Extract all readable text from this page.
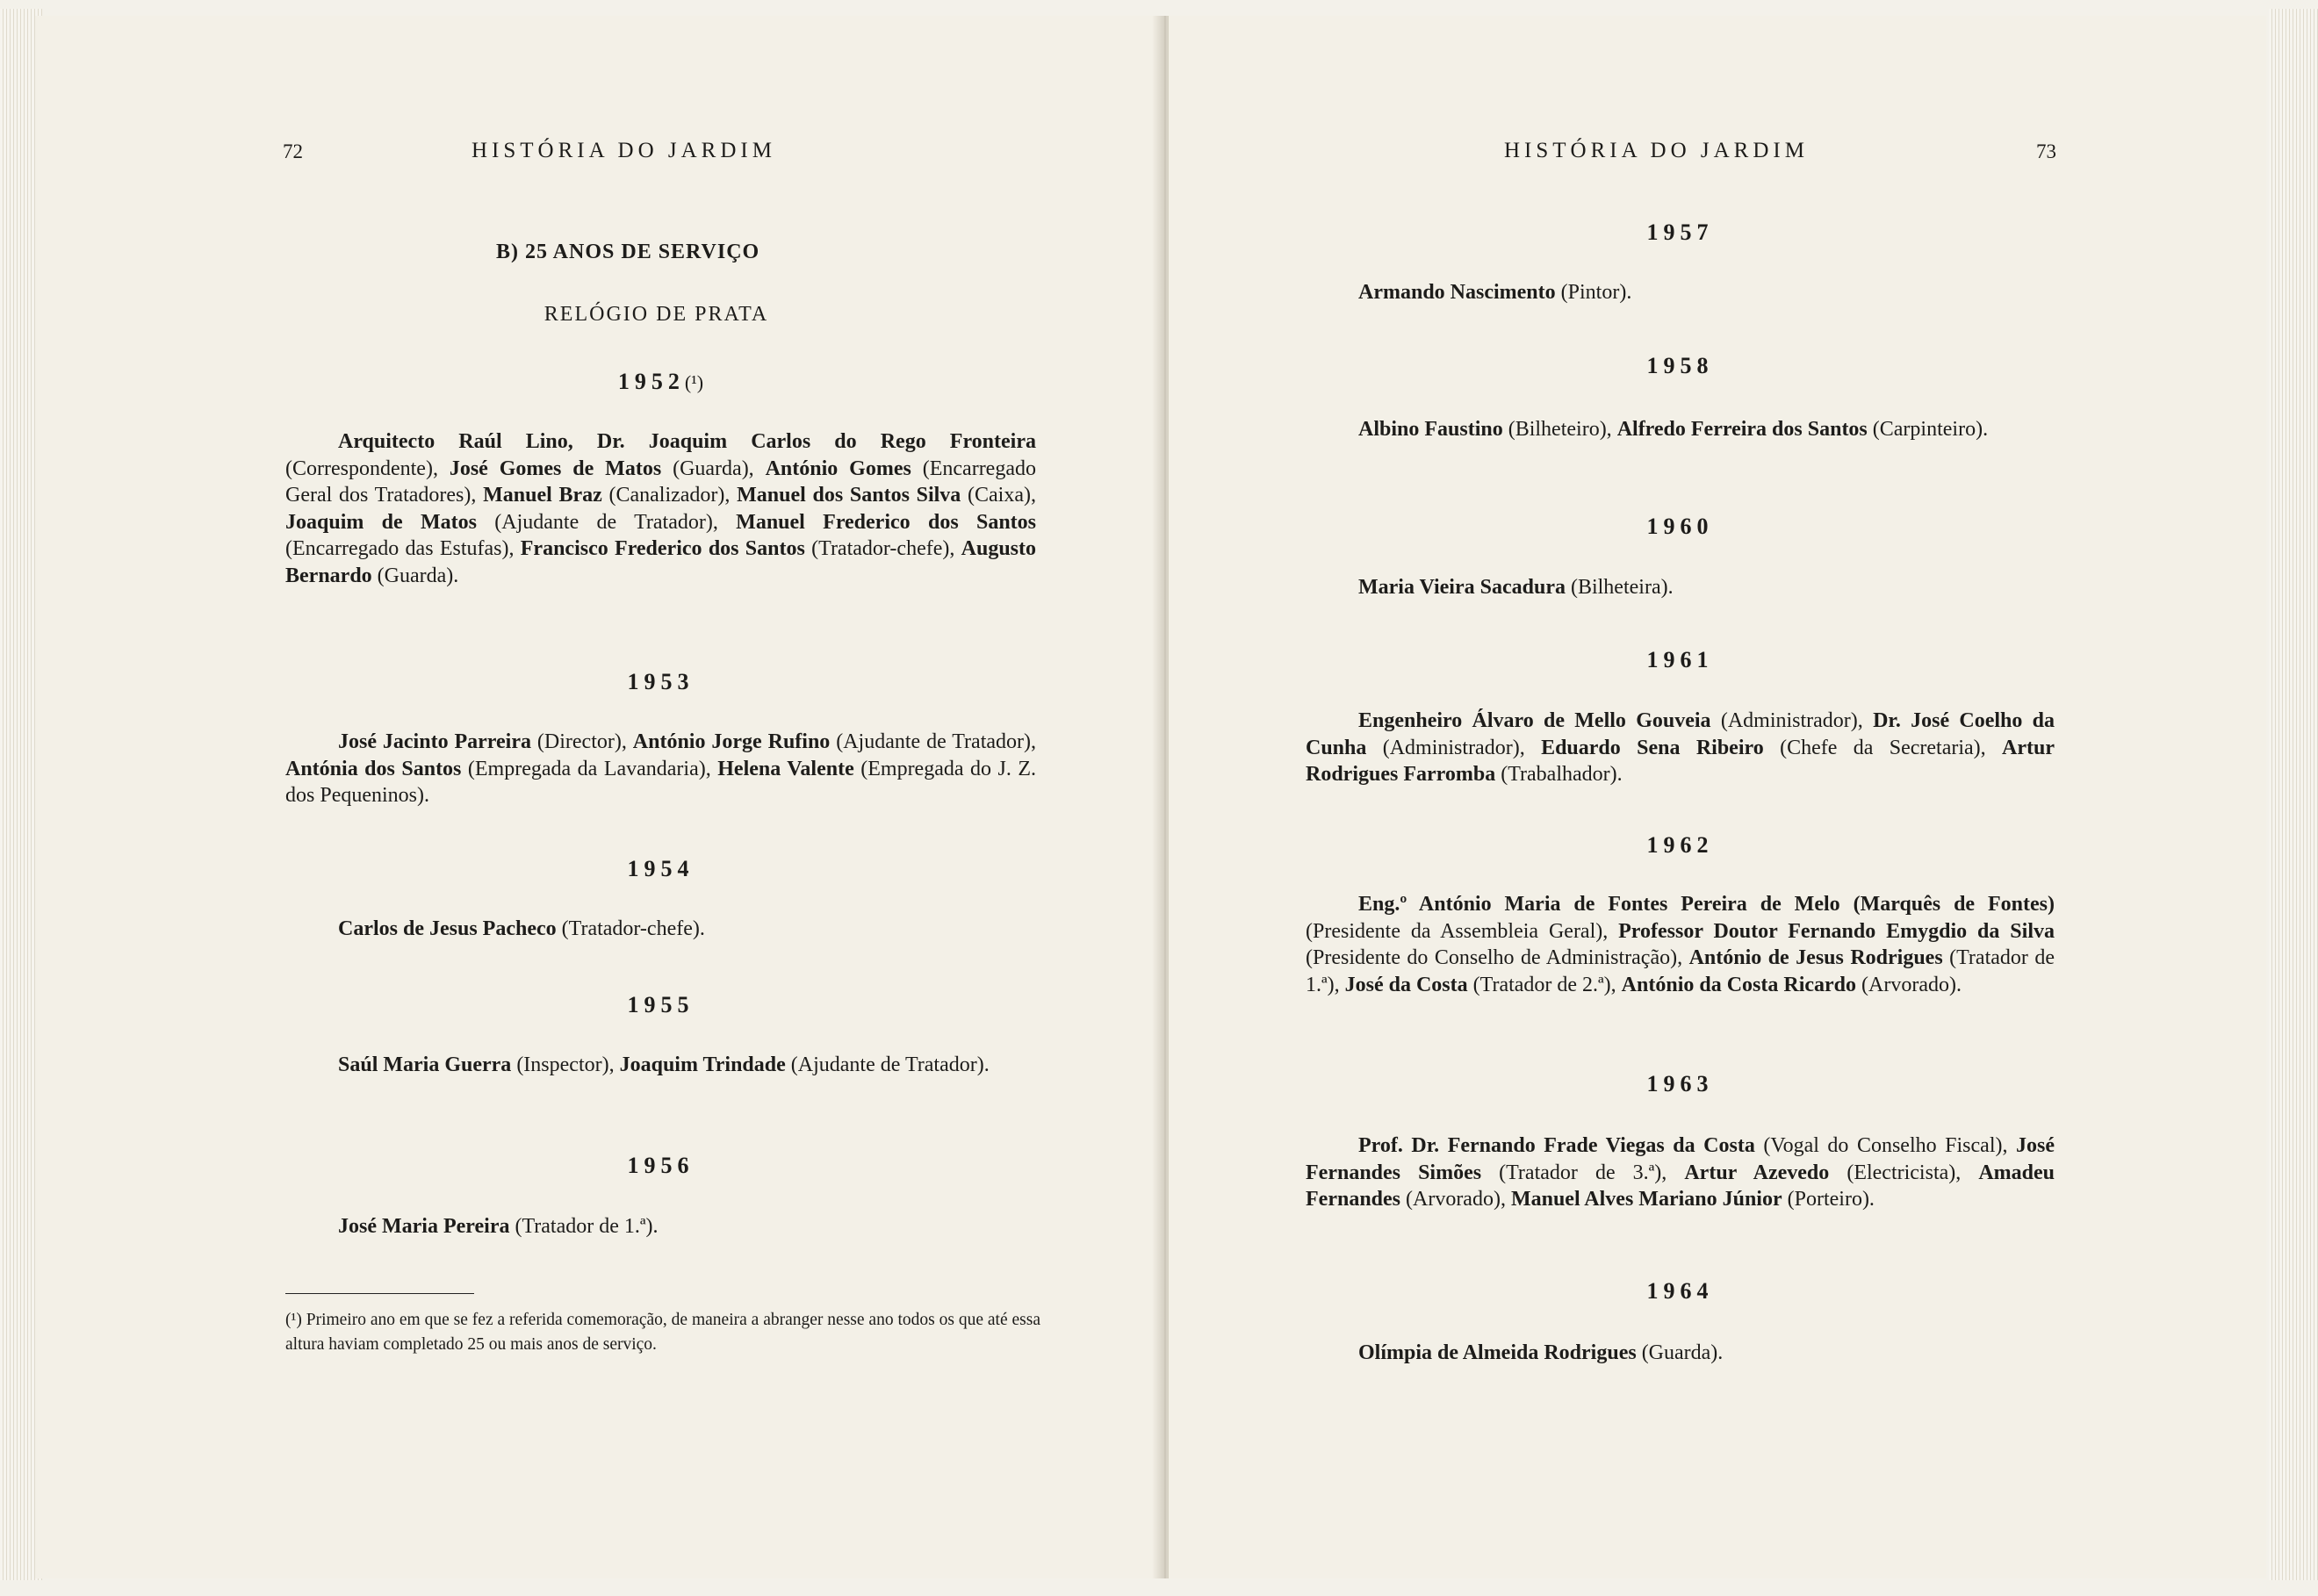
72	HISTÓRIA DO JARDIM	HISTÓRIA DO JARDIM	73
B) 25 ANOS DE SERVIÇO
RELÓGIO DE PRATA
1952(¹)

Arquitecto Raúl Lino, Dr. Joaquim Carlos do Rego Fronteira (Correspondente), José Gomes de Matos (Guarda), António Gomes (Encarregado Geral dos Tratadores), Manuel Braz (Canalizador), Manuel dos Santos Silva (Caixa), Joaquim de Matos (Ajudante de Tratador), Manuel Frederico dos Santos (Encarregado das Estufas), Francisco Frederico dos Santos (Tratador-chefe), Augusto Bernardo (Guarda).

1953

José Jacinto Parreira (Director), António Jorge Rufino (Ajudante de Tratador), Antónia dos Santos (Empregada da Lavandaria), Helena Valente (Empregada do J. Z. dos Pequeninos).

1954

Carlos de Jesus Pacheco (Tratador-chefe).

1955

Saúl Maria Guerra (Inspector), Joaquim Trindade (Ajudante de Tratador).

1956

José Maria Pereira (Tratador de 1.ª).

(¹) Primeiro ano em que se fez a referida comemoração, de maneira a abranger nesse ano todos os que até essa altura haviam completado 25 ou mais anos de serviço.
1957

Armando Nascimento (Pintor).

1958

Albino Faustino (Bilheteiro), Alfredo Ferreira dos Santos (Carpinteiro).

1960

Maria Vieira Sacadura (Bilheteira).

1961

Engenheiro Álvaro de Mello Gouveia (Administrador), Dr. José Coelho da Cunha (Administrador), Eduardo Sena Ribeiro (Chefe da Secretaria), Artur Rodrigues Farromba (Trabalhador).

1962

Eng.º António Maria de Fontes Pereira de Melo (Marquês de Fontes) (Presidente da Assembleia Geral), Professor Doutor Fernando Emygdio da Silva (Presidente do Conselho de Administração), António de Jesus Rodrigues (Tratador de 1.ª), José da Costa (Tratador de 2.ª), António da Costa Ricardo (Arvorado).

1963

Prof. Dr. Fernando Frade Viegas da Costa (Vogal do Conselho Fiscal), José Fernandes Simões (Tratador de 3.ª), Artur Azevedo (Electricista), Amadeu Fernandes (Arvorado), Manuel Alves Mariano Júnior (Porteiro).

1964

Olímpia de Almeida Rodrigues (Guarda).
